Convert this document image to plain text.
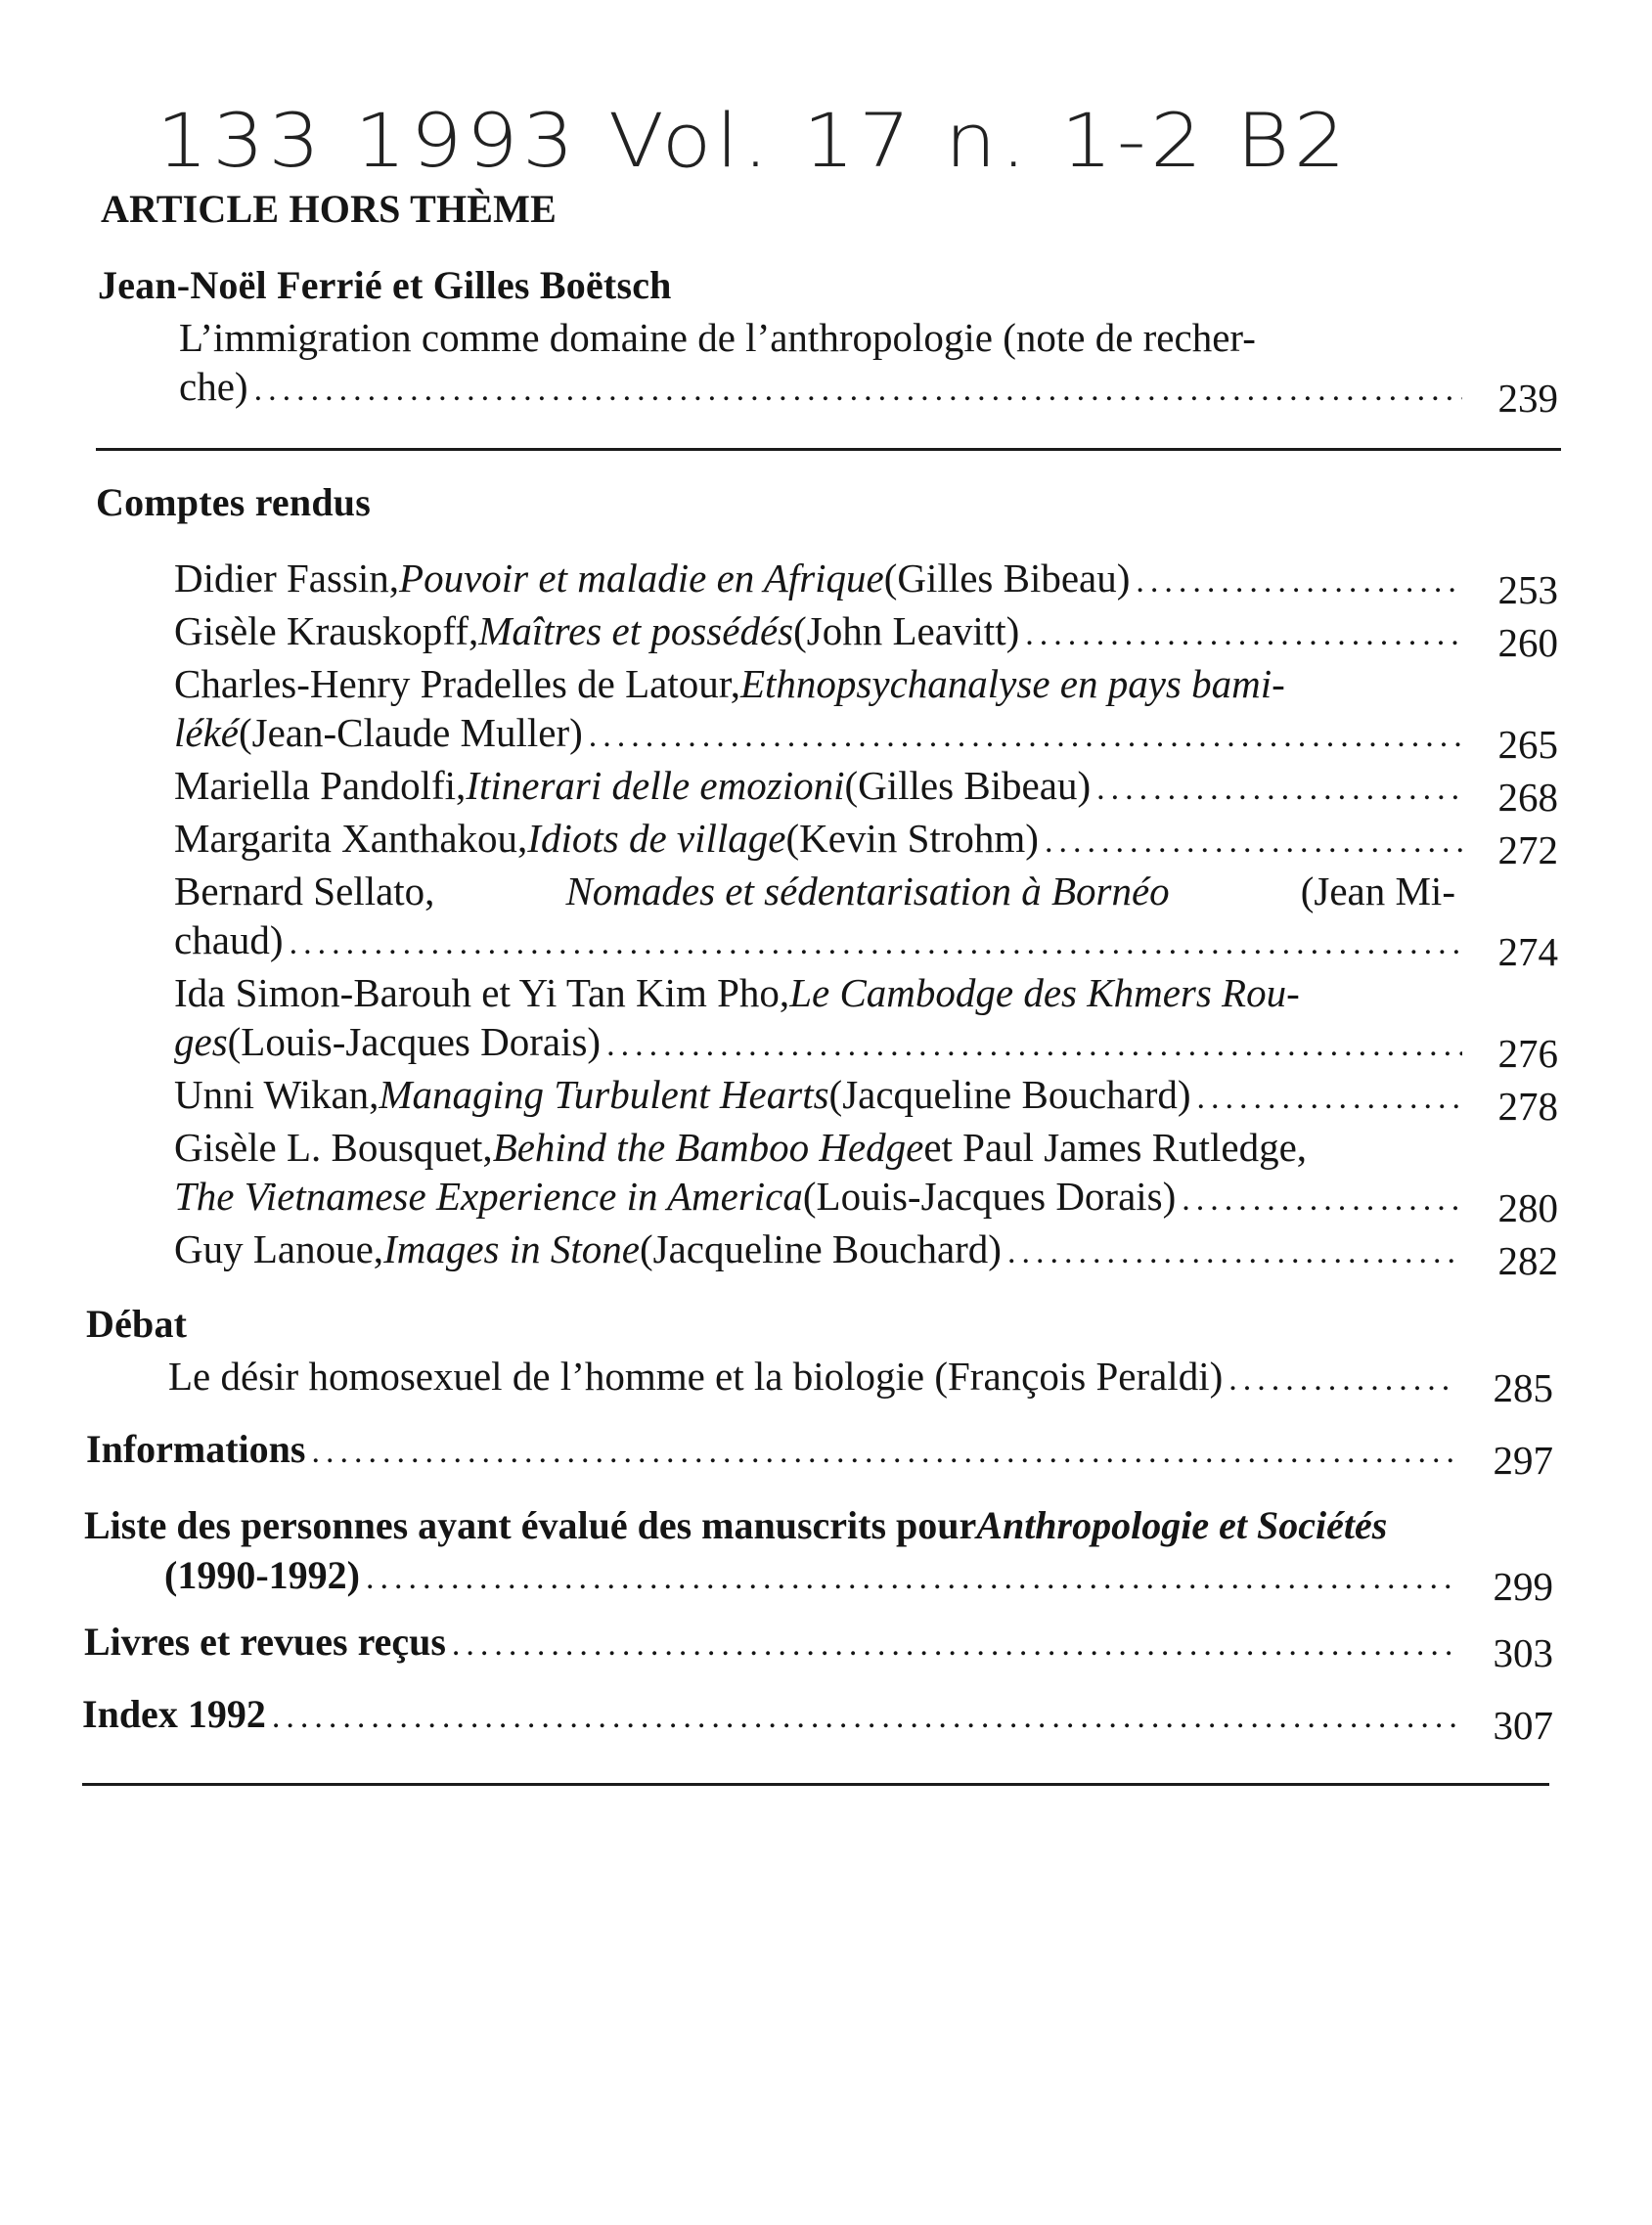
133 1993 Vol. 17 n. 1-2 B2
ARTICLE HORS THÈME
Jean-Noël Ferrié et Gilles Boëtsch
L’immigration comme domaine de l’anthropologie (note de recher-
che) .....	239
Comptes rendus
Didier Fassin, Pouvoir et maladie en Afrique (Gilles Bibeau) .....	253
Gisèle Krauskopff, Maîtres et possédés (John Leavitt) .....	260
Charles-Henry Pradelles de Latour, Ethnopsychanalyse en pays bami-
léké (Jean-Claude Muller) .....	265
Mariella Pandolfi, Itinerari delle emozioni (Gilles Bibeau) .....	268
Margarita Xanthakou, Idiots de village (Kevin Strohm) .....	272
Bernard Sellato,	Nomades et sédentarisation à Bornéo	(Jean Mi-
chaud) .....	274
Ida Simon-Barouh et Yi Tan Kim Pho, Le Cambodge des Khmers Rou-
ges (Louis-Jacques Dorais) .....	276
Unni Wikan, Managing Turbulent Hearts (Jacqueline Bouchard) .....	278
Gisèle L. Bousquet, Behind the Bamboo Hedge et Paul James Rutledge,
The Vietnamese Experience in America (Louis-Jacques Dorais) .....	280
Guy Lanoue, Images in Stone (Jacqueline Bouchard) .....	282
Débat
Le désir homosexuel de l’homme et la biologie (François Peraldi) .....	285
Informations .....	297
Liste des personnes ayant évalué des manuscrits pour Anthropologie et Sociétés
(1990-1992) .....	299
Livres et revues reçus .....	303
Index 1992 .....	307
